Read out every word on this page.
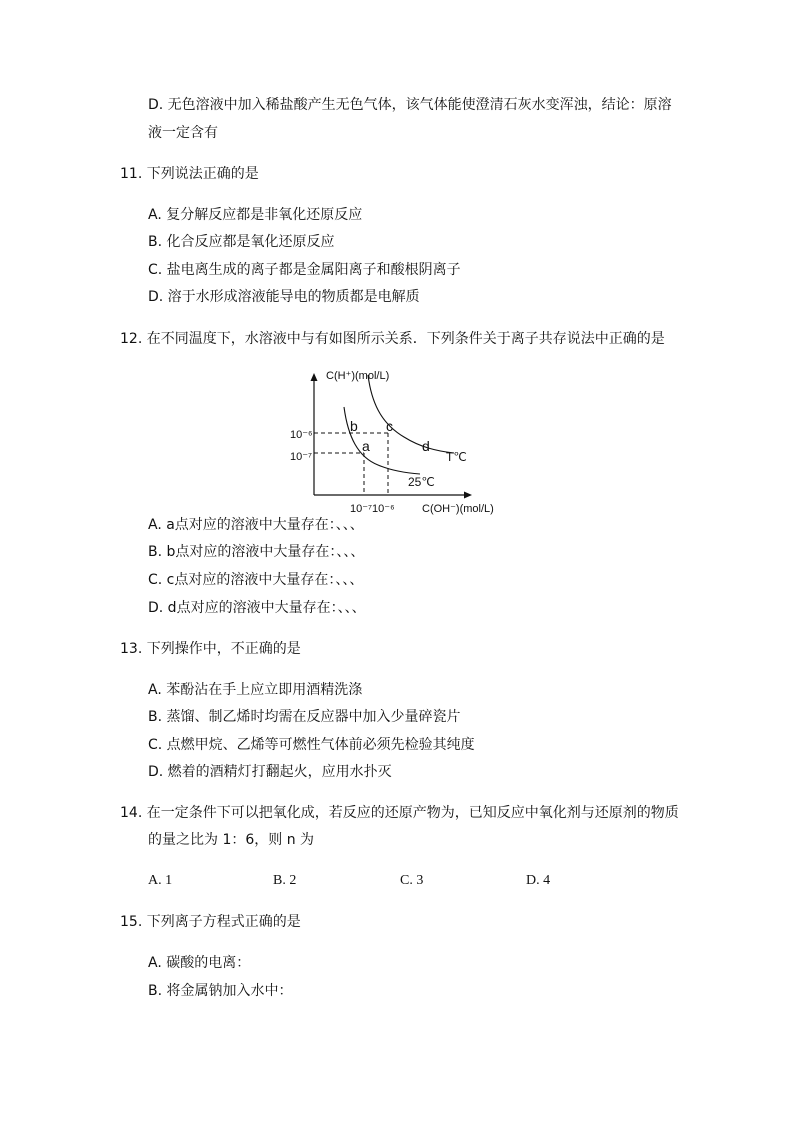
D. 无色溶液中加入稀盐酸产生无色气体，该气体能使澄清石灰水变浑浊，结论：原溶
液一定含有
11. 下列说法正确的是
A. 复分解反应都是非氧化还原反应
B. 化合反应都是氧化还原反应
C. 盐电离生成的离子都是金属阳离子和酸根阴离子
D. 溶于水形成溶液能导电的物质都是电解质
12. 在不同温度下，水溶液中与有如图所示关系．下列条件关于离子共存说法中正确的是
C(H⁺)(mol/L)
C(OH⁻)(mol/L)
10⁻⁶
10⁻⁷
10⁻⁷10⁻⁶
b c
a	d
T℃
25℃
A. a点对应的溶液中大量存在：、、、
B. b点对应的溶液中大量存在：、、、
C. c点对应的溶液中大量存在：、、、
D. d点对应的溶液中大量存在：、、、
13. 下列操作中，不正确的是
A. 苯酚沾在手上应立即用酒精洗涤
B. 蒸馏、制乙烯时均需在反应器中加入少量碎瓷片
C. 点燃甲烷、乙烯等可燃性气体前必须先检验其纯度
D. 燃着的酒精灯打翻起火，应用水扑灭
14. 在一定条件下可以把氧化成，若反应的还原产物为，已知反应中氧化剂与还原剂的物质
的量之比为 1：6，则 n 为
A. 1	B. 2	C. 3	D. 4
15. 下列离子方程式正确的是
A. 碳酸的电离：
B. 将金属钠加入水中：
